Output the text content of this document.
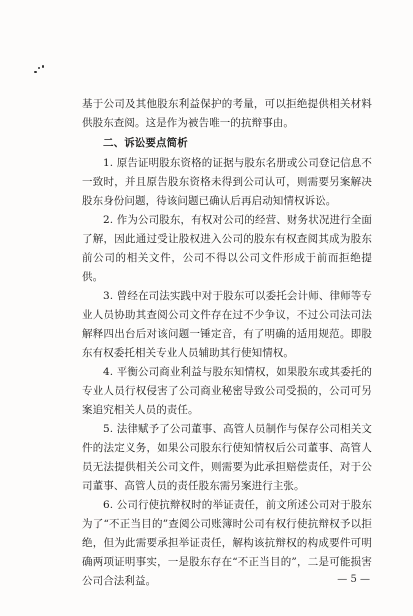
基于公司及其他股东利益保护的考量，可以拒绝提供相关材料供股东查阅。这是作为被告唯一的抗辩事由。

二、诉讼要点简析

1. 原告证明股东资格的证据与股东名册或公司登记信息不一致时，并且原告股东资格未得到公司认可，则需要另案解决股东身份问题，待该问题已确认后再启动知情权诉讼。

2. 作为公司股东，有权对公司的经营、财务状况进行全面了解，因此通过受让股权进入公司的股东有权查阅其成为股东前公司的相关文件，公司不得以公司文件形成于前而拒绝提供。

3. 曾经在司法实践中对于股东可以委托会计师、律师等专业人员协助其查阅公司文件存在过不少争议，不过公司法司法解释四出台后对该问题一锤定音，有了明确的适用规范。即股东有权委托相关专业人员辅助其行使知情权。

4. 平衡公司商业利益与股东知情权，如果股东或其委托的专业人员行权侵害了公司商业秘密导致公司受损的，公司可另案追究相关人员的责任。

5. 法律赋予了公司董事、高管人员制作与保存公司相关文件的法定义务，如果公司股东行使知情权后公司董事、高管人员无法提供相关公司文件，则需要为此承担赔偿责任，对于公司董事、高管人员的责任股东需另案进行主张。

6. 公司行使抗辩权时的举证责任，前文所述公司对于股东为了“不正当目的”查阅公司账簿时公司有权行使抗辩权予以拒绝，但为此需要承担举证责任，解构该抗辩权的构成要件可明确两项证明事实，一是股东存在“不正当目的”，二是可能损害公司合法利益。	— 5 —
